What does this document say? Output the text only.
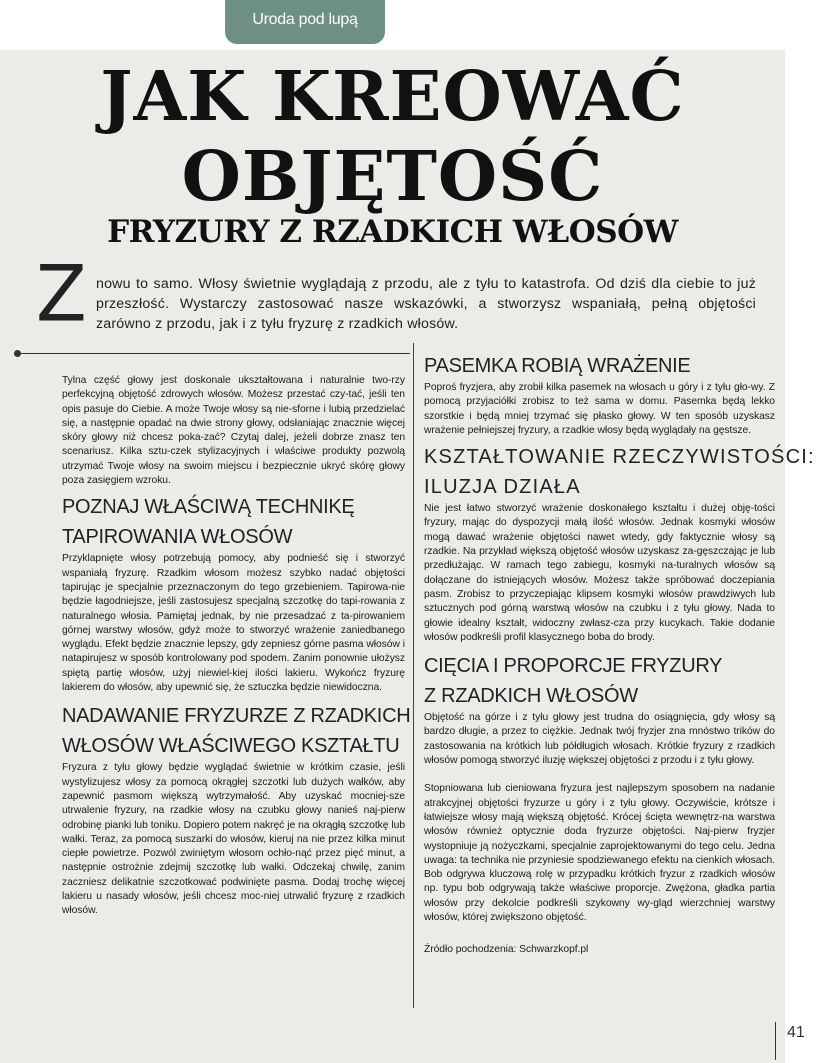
Uroda pod lupą
JAK KREOWAĆ
OBJĘTOŚĆ
FRYZURY Z RZADKICH WŁOSÓW
Z nowu to samo. Włosy świetnie wyglądają z przodu, ale z tyłu to katastrofa. Od dziś dla ciebie to już przeszłość. Wystarczy zastosować nasze wskazówki, a stworzysz wspaniałą, pełną objętości zarówno z przodu, jak i z tyłu fryzurę z rzadkich włosów.

Tylna część głowy jest doskonale ukształtowana i naturalnie two-rzy perfekcyjną objętość zdrowych włosów. Możesz przestać czy-tać, jeśli ten opis pasuje do Ciebie. A może Twoje włosy są nie-sforne i lubią przedzielać się, a następnie opadać na dwie strony głowy, odsłaniając znacznie więcej skóry głowy niż chcesz poka-zać? Czytaj dalej, jeżeli dobrze znasz ten scenariusz. Kilka sztu-czek stylizacyjnych i właściwe produkty pozwolą utrzymać Twoje włosy na swoim miejscu i bezpiecznie ukryć skórę głowy poza zasięgiem wzroku.

POZNAJ WŁAŚCIWĄ TECHNIKĘ
TAPIROWANIA WŁOSÓW

Przyklapnięte włosy potrzebują pomocy, aby podnieść się i stworzyć wspaniałą fryzurę. Rzadkim włosom możesz szybko nadać objętości tapirując je specjalnie przeznaczonym do tego grzebieniem. Tapirowa-nie będzie łagodniejsze, jeśli zastosujesz specjalną szczotkę do tapi-rowania z naturalnego włosia. Pamiętaj jednak, by nie przesadzać z ta-pirowaniem górnej warstwy włosów, gdyż może to stworzyć wrażenie zaniedbanego wyglądu. Efekt będzie znacznie lepszy, gdy zepniesz górne pasma włosów i natapirujesz w sposób kontrolowany pod spodem. Zanim ponownie ułożysz spiętą partię włosów, użyj niewiel-kiej ilości lakieru. Wykończ fryzurę lakierem do włosów, aby upewnić się, że sztuczka będzie niewidoczna.

NADAWANIE FRYZURZE Z RZADKICH
WŁOSÓW WŁAŚCIWEGO KSZTAŁTU

Fryzura z tyłu głowy będzie wyglądać świetnie w krótkim czasie, jeśli wystylizujesz włosy za pomocą okrągłej szczotki lub dużych wałków, aby zapewnić pasmom większą wytrzymałość. Aby uzyskać mocniej-sze utrwalenie fryzury, na rzadkie włosy na czubku głowy nanieś naj-pierw odrobinę pianki lub toniku. Dopiero potem nakręć je na okrągłą szczotkę lub wałki. Teraz, za pomocą suszarki do włosów, kieruj na nie przez kilka minut ciepłe powietrze. Pozwól zwiniętym włosom ochło-nąć przez pięć minut, a następnie ostrożnie zdejmij szczotkę lub wałki. Odczekaj chwilę, zanim zaczniesz delikatnie szczotkować podwinięte pasma. Dodaj trochę więcej lakieru u nasady włosów, jeśli chcesz moc-niej utrwalić fryzurę z rzadkich włosów.

PASEMKA ROBIĄ WRAŻENIE

Poproś fryzjera, aby zrobił kilka pasemek na włosach u góry i z tyłu gło-wy. Z pomocą przyjaciółki zrobisz to też sama w domu. Pasemka będą lekko szorstkie i będą mniej trzymać się płasko głowy. W ten sposób uzyskasz wrażenie pełniejszej fryzury, a rzadkie włosy będą wyglądały na gęstsze.

KSZTAŁTOWANIE RZECZYWISTOŚCI:
ILUZJA DZIAŁA

Nie jest łatwo stworzyć wrażenie doskonałego kształtu i dużej obję-tości fryzury, mając do dyspozycji małą ilość włosów. Jednak kosmyki włosów mogą dawać wrażenie objętości nawet wtedy, gdy faktycznie włosy są rzadkie. Na przykład większą objętość włosów uzyskasz za-gęszczając je lub przedłużając. W ramach tego zabiegu, kosmyki na-turalnych włosów są dołączane do istniejących włosów. Możesz także spróbować doczepiania pasm. Zrobisz to przyczepiając klipsem kosmyki włosów prawdziwych lub sztucznych pod górną warstwą włosów na czubku i z tyłu głowy. Nada to głowie idealny kształt, widoczny zwłasz-cza przy kucykach. Takie dodanie włosów podkreśli profil klasycznego boba do brody.

CIĘCIA I PROPORCJE FRYZURY
Z RZADKICH WŁOSÓW

Objętość na górze i z tyłu głowy jest trudna do osiągnięcia, gdy włosy są bardzo długie, a przez to ciężkie. Jednak twój fryzjer zna mnóstwo trików do zastosowania na krótkich lub półdługich włosach. Krótkie fryzury z rzadkich włosów pomogą stworzyć iluzję większej objętości z przodu i z tyłu głowy.

Stopniowana lub cieniowana fryzura jest najlepszym sposobem na nadanie atrakcyjnej objętości fryzurze u góry i z tyłu głowy. Oczywiście, krótsze i łatwiejsze włosy mają większą objętość. Krócej ścięta wewnętrz-na warstwa włosów również optycznie doda fryzurze objętości. Naj-pierw fryzjer wystopniuje ją nożyczkami, specjalnie zaprojektowanymi do tego celu. Jedna uwaga: ta technika nie przyniesie spodziewanego efektu na cienkich włosach. Bob odgrywa kluczową rolę w przypadku krótkich fryzur z rzadkich włosów np. typu bob odgrywają także właściwe proporcje. Zwężona, gładka partia włosów przy dekolcie podkreśli szykowny wy-gląd wierzchniej warstwy włosów, której zwiększono objętość.

Źródło pochodzenia: Schwarzkopf.pl

41
